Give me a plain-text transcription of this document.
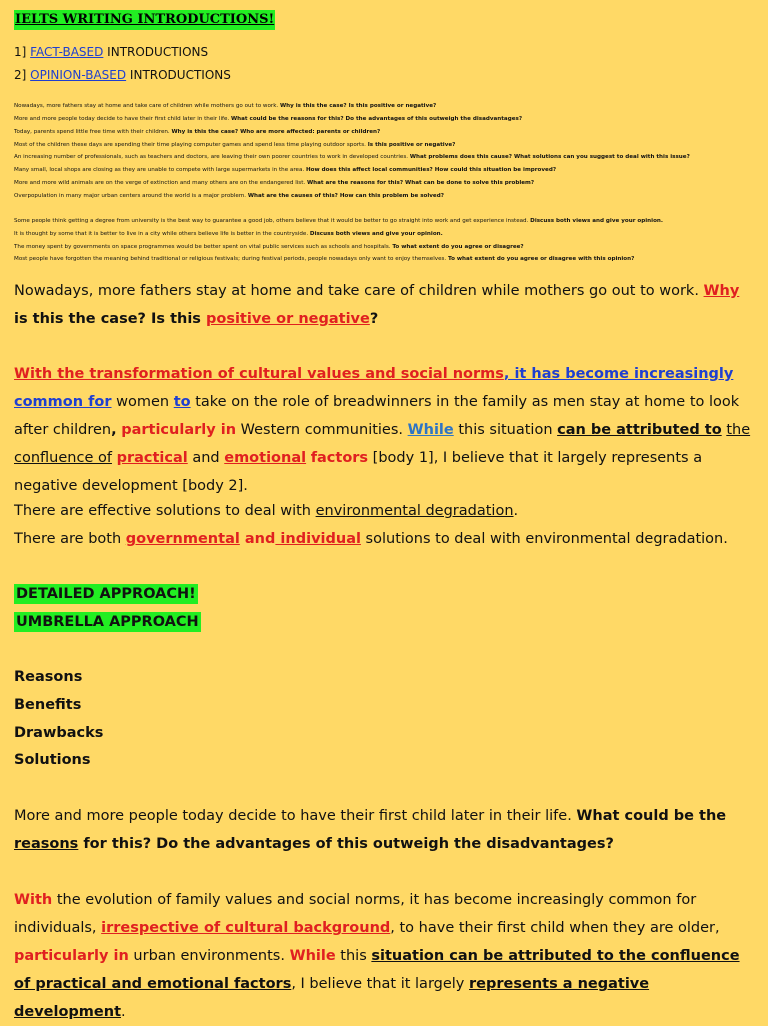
IELTS WRITING INTRODUCTIONS!
1] FACT-BASED INTRODUCTIONS
2] OPINION-BASED INTRODUCTIONS
Nowadays, more fathers stay at home and take care of children while mothers go out to work. Why is this the case? Is this positive or negative?
More and more people today decide to have their first child later in their life. What could be the reasons for this? Do the advantages of this outweigh the disadvantages?
Today, parents spend little free time with their children. Why is this the case? Who are more affected: parents or children?
Most of the children these days are spending their time playing computer games and spend less time playing outdoor sports. Is this positive or negative?
An increasing number of professionals, such as teachers and doctors, are leaving their own poorer countries to work in developed countries. What problems does this cause? What solutions can you suggest to deal with this issue?
Many small, local shops are closing as they are unable to compete with large supermarkets in the area. How does this affect local communities? How could this situation be improved?
More and more wild animals are on the verge of extinction and many others are on the endangered list. What are the reasons for this? What can be done to solve this problem?
Overpopulation in many major urban centers around the world is a major problem. What are the causes of this? How can this problem be solved?
Some people think getting a degree from university is the best way to guarantee a good job, others believe that it would be better to go straight into work and get experience instead. Discuss both views and give your opinion.
It is thought by some that it is better to live in a city while others believe life is better in the countryside. Discuss both views and give your opinion.
The money spent by governments on space programmes would be better spent on vital public services such as schools and hospitals. To what extent do you agree or disagree?
Most people have forgotten the meaning behind traditional or religious festivals; during festival periods, people nowadays only want to enjoy themselves. To what extent do you agree or disagree with this opinion?
Nowadays, more fathers stay at home and take care of children while mothers go out to work. Why is this the case? Is this positive or negative?
With the transformation of cultural values and social norms, it has become increasingly common for women to take on the role of breadwinners in the family as men stay at home to look after children, particularly in Western communities. While this situation can be attributed to the confluence of practical and emotional factors [body 1], I believe that it largely represents a negative development [body 2].
There are effective solutions to deal with environmental degradation.
There are both governmental and individual solutions to deal with environmental degradation.
DETAILED APPROACH!
UMBRELLA APPROACH
Reasons
Benefits
Drawbacks
Solutions
More and more people today decide to have their first child later in their life. What could be the reasons for this? Do the advantages of this outweigh the disadvantages?
With the evolution of family values and social norms, it has become increasingly common for individuals, irrespective of cultural background, to have their first child when they are older, particularly in urban environments. While this situation can be attributed to the confluence of practical and emotional factors, I believe that it largely represents a negative development.
